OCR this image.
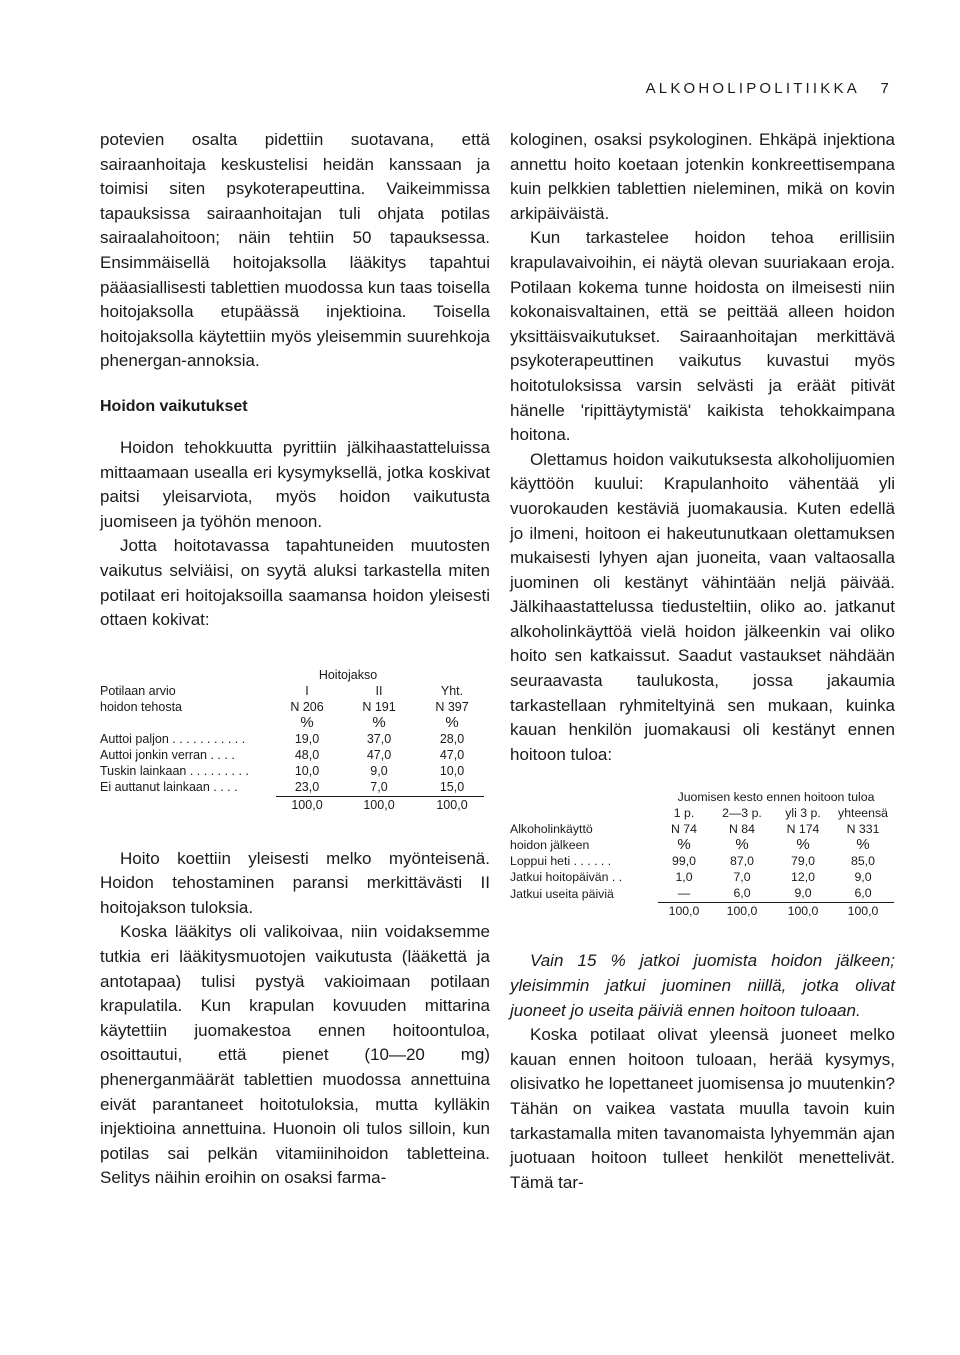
ALKOHOLIPOLITIIKKA 7

potevien osalta pidettiin suotavana, että sairaanhoitaja keskustelisi heidän kanssaan ja toimisi siten psykoterapeuttina. Vaikeimmissa tapauksissa sairaanhoitajan tuli ohjata potilas sairaalahoitoon; näin tehtiin 50 tapauksessa. Ensimmäisellä hoitojaksolla lääkitys tapahtui pääasiallisesti tablettien muodossa kun taas toisella hoitojaksolla etupäässä injektioina. Toisella hoitojaksolla käytettiin myös yleisemmin suurehkoja phenergan-annoksia.

Hoidon vaikutukset

Hoidon tehokkuutta pyrittiin jälkihaastatteluissa mittaamaan usealla eri kysymyksellä, jotka koskivat paitsi yleisarviota, myös hoidon vaikutusta juomiseen ja työhön menoon.

Jotta hoitotavassa tapahtuneiden muutosten vaikutus selviäisi, on syytä aluksi tarkastella miten potilaat eri hoitojaksoilla saamansa hoidon yleisesti ottaen kokivat:

	Hoitojakso		
Potilaan arvio	I	II	Yht.
hoidon tehosta	N 206	N 191	N 397
	%	%	%
Auttoi paljon . . . . . . . . . . .	19,0	37,0	28,0
Auttoi jonkin verran . . . .	48,0	47,0	47,0
Tuskin lainkaan . . . . . . . . .	10,0	9,0	10,0
Ei auttanut lainkaan . . . .	23,0	7,0	15,0
	100,0	100,0	100,0

Hoito koettiin yleisesti melko myönteisenä. Hoidon tehostaminen paransi merkittävästi II hoitojakson tuloksia.

Koska lääkitys oli valikoivaa, niin voidaksemme tutkia eri lääkitysmuotojen vaikutusta (lääkettä ja antotapaa) tulisi pystyä vakioimaan potilaan krapulatila. Kun krapulan kovuuden mittarina käytettiin juomakestoa ennen hoitoontuloa, osoittautui, että pienet (10—20 mg) phenerganmäärät tablettien muodossa annettuina eivät parantaneet hoitotuloksia, mutta kylläkin injektioina annettuina. Huonoin oli tulos silloin, kun potilas sai pelkän vitamiinihoidon tabletteina. Selitys näihin eroihin on osaksi farma-

kologinen, osaksi psykologinen. Ehkäpä injektiona annettu hoito koetaan jotenkin konkreettisempana kuin pelkkien tablettien nieleminen, mikä on kovin arkipäiväistä.

Kun tarkastelee hoidon tehoa erillisiin krapulavaivoihin, ei näytä olevan suuriakaan eroja. Potilaan kokema tunne hoidosta on ilmeisesti niin kokonaisvaltainen, että se peittää alleen hoidon yksittäisvaikutukset. Sairaanhoitajan merkittävä psykoterapeuttinen vaikutus kuvastui myös hoitotuloksissa varsin selvästi ja eräät pitivät hänelle 'ripittäytymistä' kaikista tehokkaimpana hoitona.

Olettamus hoidon vaikutuksesta alkoholijuomien käyttöön kuului: Krapulanhoito vähentää yli vuorokauden kestäviä juomakausia. Kuten edellä jo ilmeni, hoitoon ei hakeutunutkaan olettamuksen mukaisesti lyhyen ajan juoneita, vaan valtaosalla juominen oli kestänyt vähintään neljä päivää. Jälkihaastattelussa tiedusteltiin, oliko ao. jatkanut alkoholinkäyttöä vielä hoidon jälkeenkin vai oliko hoito sen katkaissut. Saadut vastaukset nähdään seuraavasta taulukosta, jossa jakaumia tarkastellaan ryhmiteltyinä sen mukaan, kuinka kauan henkilön juomakausi oli kestänyt ennen hoitoon tuloa:

	Juomisen kesto ennen hoitoon tuloa			
	1 p.	2—3 p.	yli 3 p.	yhteensä
Alkoholinkäyttö	N 74	N 84	N 174	N 331
hoidon jälkeen	%	%	%	%
Loppui heti . . . . . .	99,0	87,0	79,0	85,0
Jatkui hoitopäivän . .	1,0	7,0	12,0	9,0
Jatkui useita päiviä	—	6,0	9,0	6,0
	100,0	100,0	100,0	100,0

Vain 15 % jatkoi juomista hoidon jälkeen; yleisimmin jatkui juominen niillä, jotka olivat juoneet jo useita päiviä ennen hoitoon tuloaan.

Koska potilaat olivat yleensä juoneet melko kauan ennen hoitoon tuloaan, herää kysymys, olisivatko he lopettaneet juomisensa jo muutenkin? Tähän on vaikea vastata muulla tavoin kuin tarkastamalla miten tavanomaista lyhyemmän ajan juotuaan hoitoon tulleet henkilöt menettelivät. Tämä tar-
